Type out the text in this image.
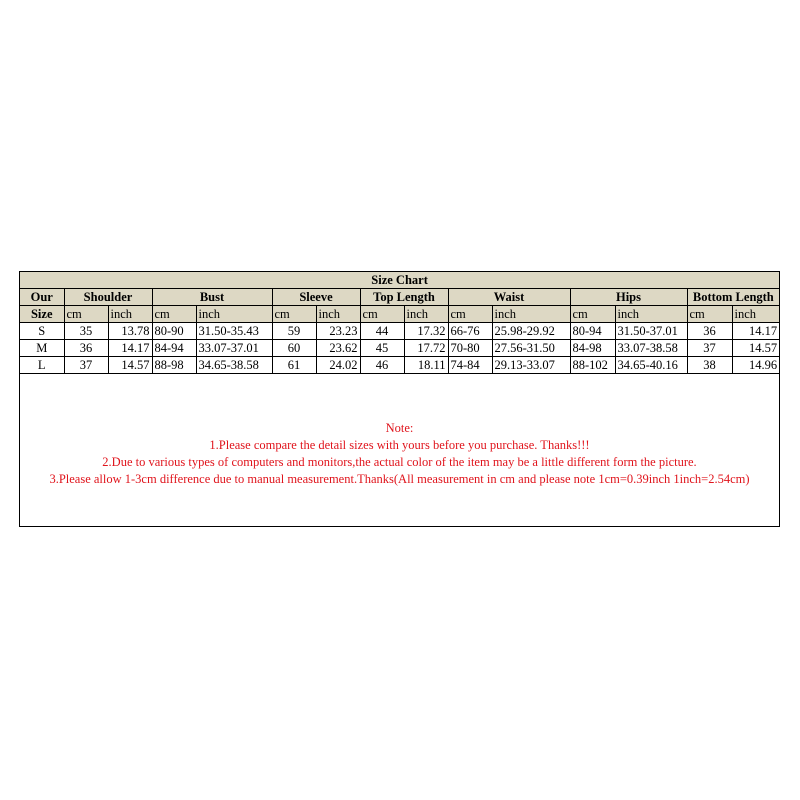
Size Chart														
Our	Shoulder		Bust		Sleeve		Top Length		Waist		Hips		Bottom Length	
Size	cm	inch	cm	inch	cm	inch	cm	inch	cm	inch	cm	inch	cm	inch
S	35	13.78	80-90	31.50-35.43	59	23.23	44	17.32	66-76	25.98-29.92	80-94	31.50-37.01	36	14.17
M	36	14.17	84-94	33.07-37.01	60	23.62	45	17.72	70-80	27.56-31.50	84-98	33.07-38.58	37	14.57
L	37	14.57	88-98	34.65-38.58	61	24.02	46	18.11	74-84	29.13-33.07	88-102	34.65-40.16	38	14.96
Note:
1.Please compare the detail sizes with yours before you purchase. Thanks!!!
2.Due to various types of computers and monitors,the actual color of the item may be a little different form the picture.
3.Please allow 1-3cm difference due to manual measurement.Thanks(All measurement in cm and please note 1cm=0.39inch 1inch=2.54cm)
